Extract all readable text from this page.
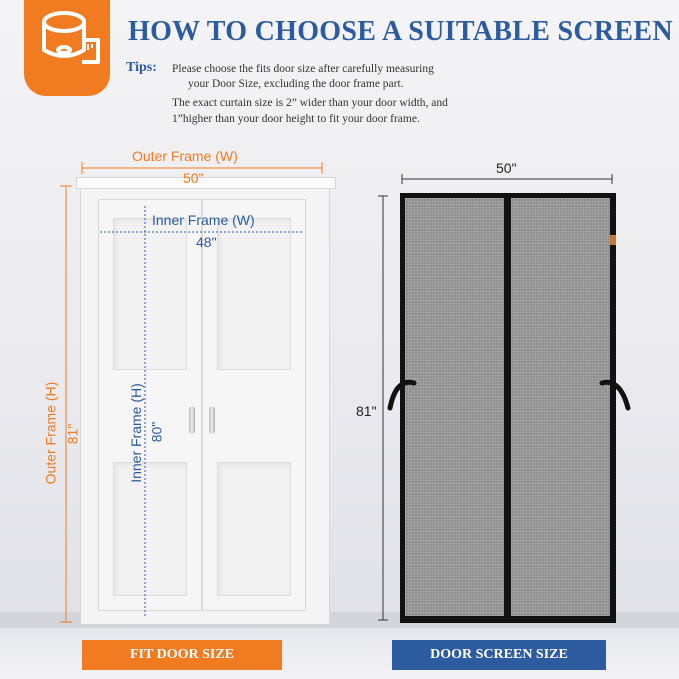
HOW TO CHOOSE A SUITABLE SCREEN
Tips: Please choose the fits door size after carefully measuring
your Door Size, excluding the door frame part.
The exact curtain size is 2” wider than your door width, and
1”higher than your door height to fit your door frame.
Outer Frame (W)
50"
Inner Frame (W)
48"
Outer Frame (H) 81"	Inner Frame (H) 80"
50"
81"
FIT DOOR SIZE	DOOR SCREEN SIZE
